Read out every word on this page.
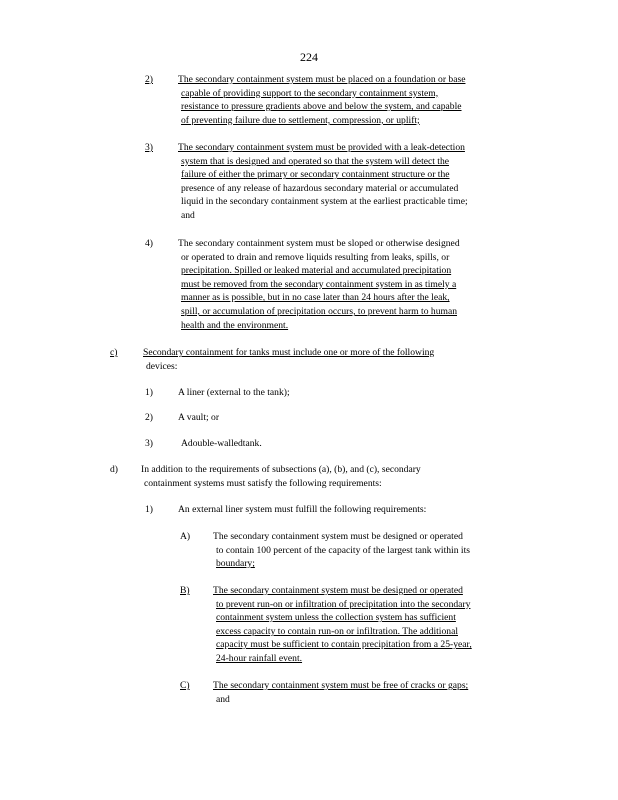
224
2)	The secondary containment system must be placed on a foundation or base
capable of providing support to the secondary containment system,
resistance to pressure gradients above and below the system, and capable
of preventing failure due to settlement, compression, or uplift;
3)	The secondary containment system must be provided with a leak-detection
system that is designed and operated so that the system will detect the
failure of either the primary or secondary containment structure or the
presence of any release of hazardous secondary material or accumulated
liquid in the secondary containment system at the earliest practicable time;
and
4)	The secondary containment system must be sloped or otherwise designed
or operated to drain and remove liquids resulting from leaks, spills, or
precipitation. Spilled or leaked material and accumulated precipitation
must be removed from the secondary containment system in as timely a
manner as is possible, but in no case later than 24 hours after the leak,
spill, or accumulation of precipitation occurs, to prevent harm to human
health and the environment.
c)	Secondary containment for tanks must include one or more of the following
devices:
1)	A liner (external to the tank);
2)	A vault; or
3)	Adouble-walledtank.
d) In addition to the requirements of subsections (a), (b), and (c), secondary
containment systems must satisfy the following requirements:
1)	An external liner system must fulfill the following requirements:
A) The secondary containment system must be designed or operated
to contain 100 percent of the capacity of the largest tank within its
boundary;
B) The secondary containment system must be designed or operated
to prevent run-on or infiltration of precipitation into the secondary
containment system unless the collection system has sufficient
excess capacity to contain run-on or infiltration. The additional
capacity must be sufficient to contain precipitation from a 25-year,
24-hour rainfall event.
C) The secondary containment system must be free of cracks or gaps;
and
